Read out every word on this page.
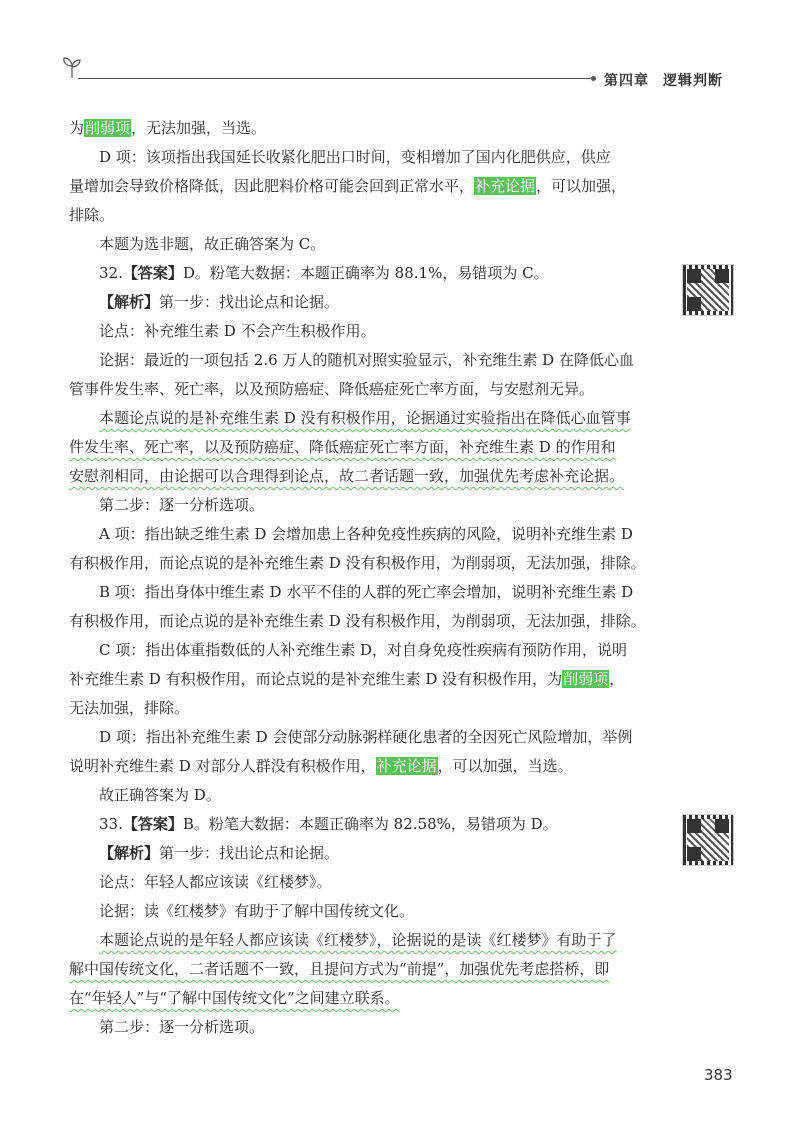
第四章 逻辑判断

为削弱项，无法加强，当选。

D 项：该项指出我国延长收紧化肥出口时间，变相增加了国内化肥供应，供应

量增加会导致价格降低，因此肥料价格可能会回到正常水平，补充论据，可以加强，

排除。

本题为选非题，故正确答案为 C。

32.【答案】D。粉笔大数据：本题正确率为 88.1%，易错项为 C。

【解析】第一步：找出论点和论据。

论点：补充维生素 D 不会产生积极作用。

论据：最近的一项包括 2.6 万人的随机对照实验显示，补充维生素 D 在降低心血

管事件发生率、死亡率，以及预防癌症、降低癌症死亡率方面，与安慰剂无异。

本题论点说的是补充维生素 D 没有积极作用，论据通过实验指出在降低心血管事

件发生率、死亡率，以及预防癌症、降低癌症死亡率方面，补充维生素 D 的作用和

安慰剂相同，由论据可以合理得到论点，故二者话题一致，加强优先考虑补充论据。

第二步：逐一分析选项。

A 项：指出缺乏维生素 D 会增加患上各种免疫性疾病的风险，说明补充维生素 D

有积极作用，而论点说的是补充维生素 D 没有积极作用，为削弱项，无法加强，排除。

B 项：指出身体中维生素 D 水平不佳的人群的死亡率会增加，说明补充维生素 D

有积极作用，而论点说的是补充维生素 D 没有积极作用，为削弱项，无法加强，排除。

C 项：指出体重指数低的人补充维生素 D，对自身免疫性疾病有预防作用，说明

补充维生素 D 有积极作用，而论点说的是补充维生素 D 没有积极作用，为削弱项，

无法加强，排除。

D 项：指出补充维生素 D 会使部分动脉粥样硬化患者的全因死亡风险增加，举例

说明补充维生素 D 对部分人群没有积极作用，补充论据，可以加强，当选。

故正确答案为 D。

33.【答案】B。粉笔大数据：本题正确率为 82.58%，易错项为 D。

【解析】第一步：找出论点和论据。

论点：年轻人都应该读《红楼梦》。

论据：读《红楼梦》有助于了解中国传统文化。

本题论点说的是年轻人都应该读《红楼梦》，论据说的是读《红楼梦》有助于了

解中国传统文化，二者话题不一致，且提问方式为“前提”，加强优先考虑搭桥，即

在“年轻人”与“了解中国传统文化”之间建立联系。

第二步：逐一分析选项。

383
